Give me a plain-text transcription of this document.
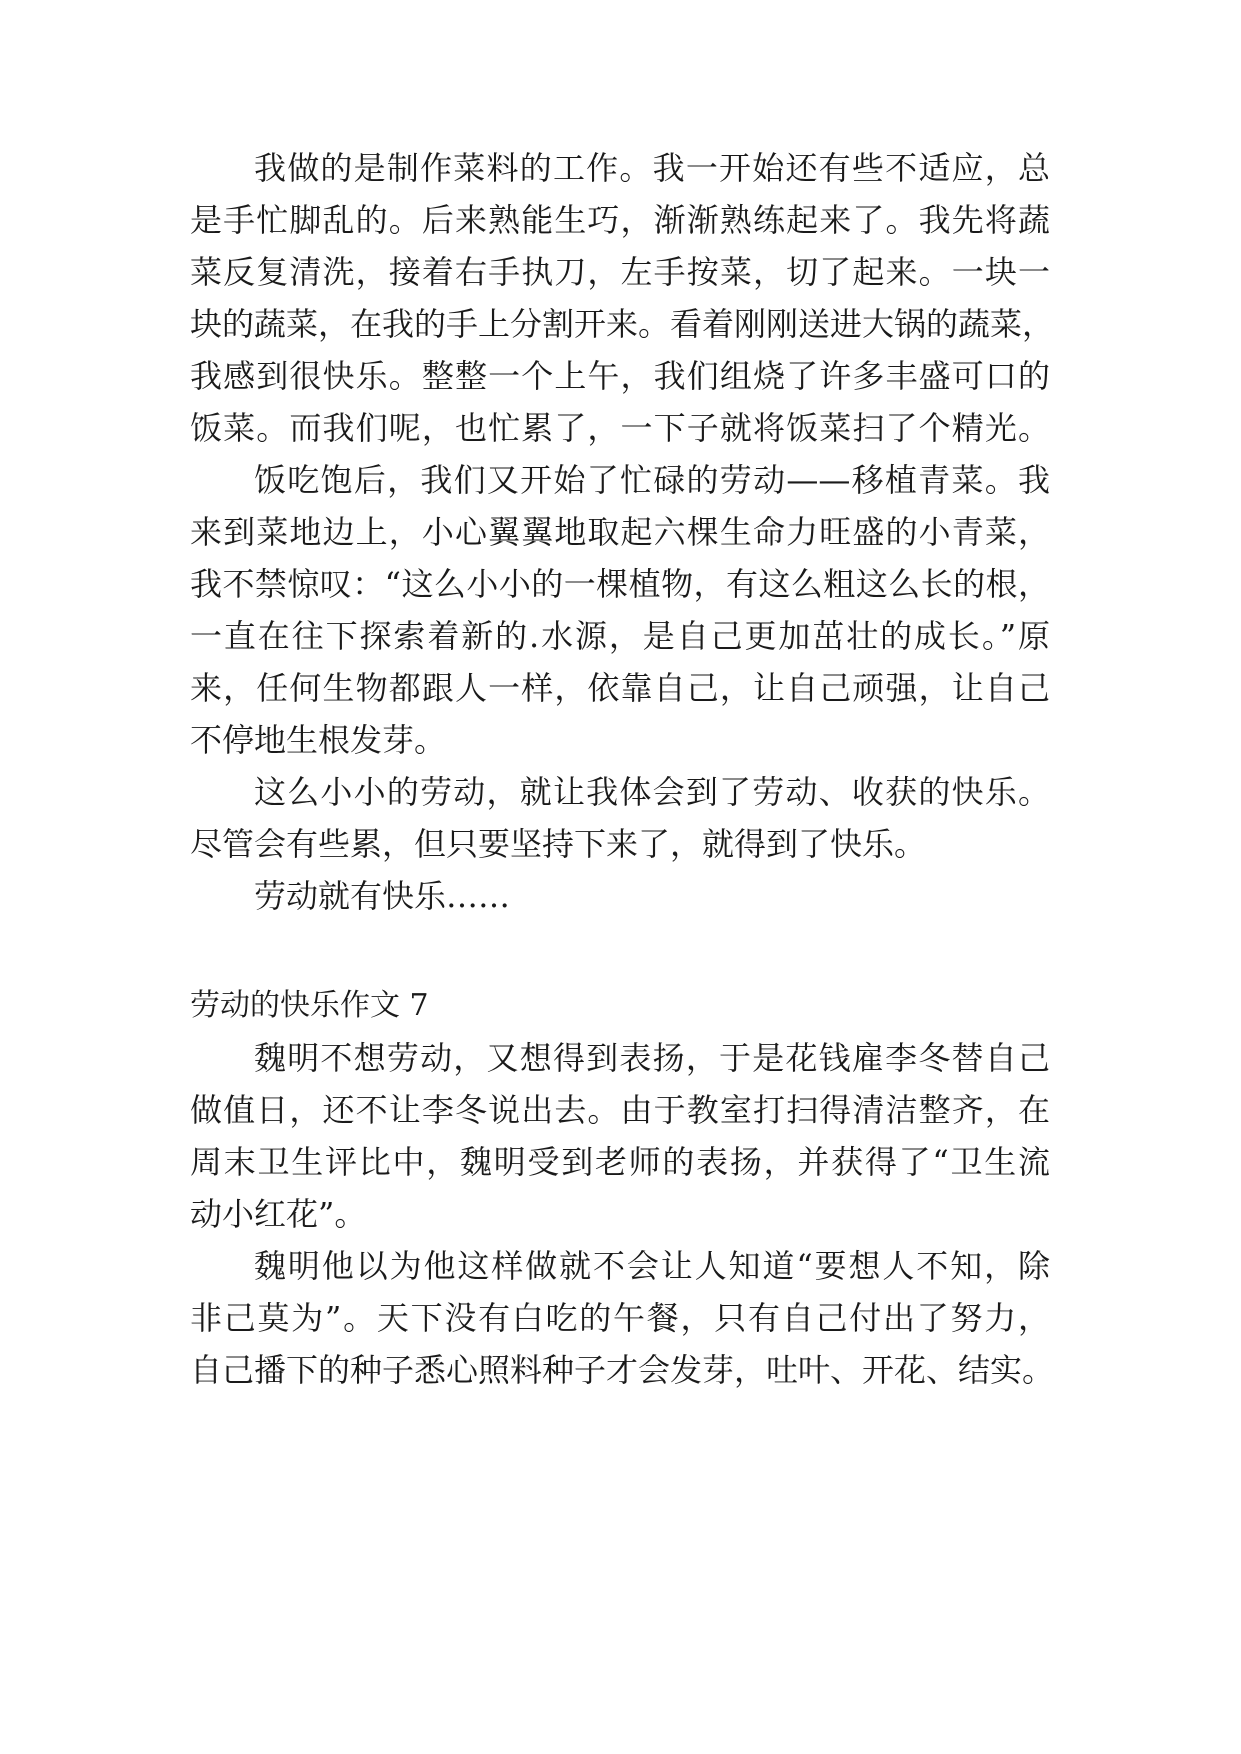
我做的是制作菜料的工作。我一开始还有些不适应，总
是手忙脚乱的。后来熟能生巧，渐渐熟练起来了。我先将蔬
菜反复清洗，接着右手执刀，左手按菜，切了起来。一块一
块的蔬菜，在我的手上分割开来。看着刚刚送进大锅的蔬菜，
我感到很快乐。整整一个上午，我们组烧了许多丰盛可口的
饭菜。而我们呢，也忙累了，一下子就将饭菜扫了个精光。
饭吃饱后，我们又开始了忙碌的劳动——移植青菜。我
来到菜地边上，小心翼翼地取起六棵生命力旺盛的小青菜，
我不禁惊叹：“这么小小的一棵植物，有这么粗这么长的根，
一直在往下探索着新的.水源，是自己更加茁壮的成长。”原
来，任何生物都跟人一样，依靠自己，让自己顽强，让自己
不停地生根发芽。
这么小小的劳动，就让我体会到了劳动、收获的快乐。
尽管会有些累，但只要坚持下来了，就得到了快乐。
劳动就有快乐……
劳动的快乐作文 7
魏明不想劳动，又想得到表扬，于是花钱雇李冬替自己
做值日，还不让李冬说出去。由于教室打扫得清洁整齐，在
周末卫生评比中，魏明受到老师的表扬，并获得了“卫生流
动小红花”。
魏明他以为他这样做就不会让人知道“要想人不知，除
非己莫为”。天下没有白吃的午餐，只有自己付出了努力，
自己播下的种子悉心照料种子才会发芽，吐叶、开花、结实。
